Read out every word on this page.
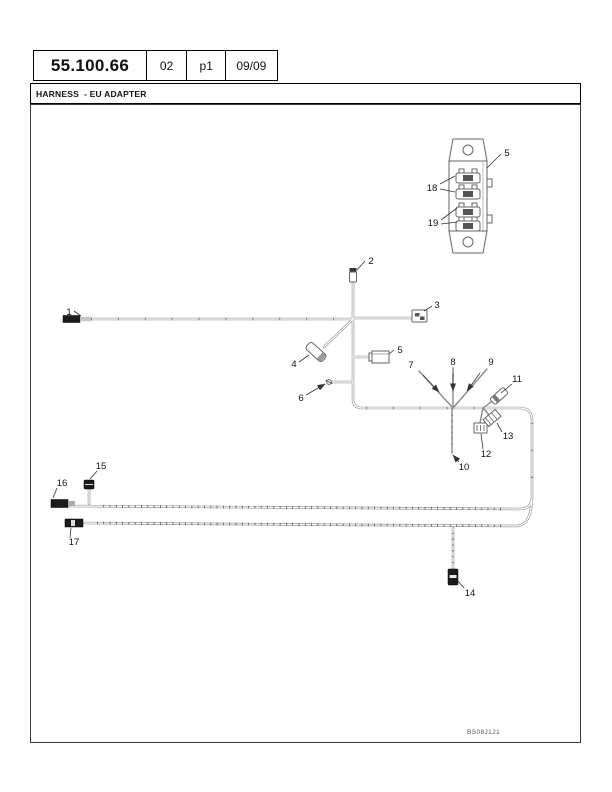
55.100.66	02	p1	09/09
HARNESS  - EU ADAPTER
1
2
3
4
5
6
7	8	9
10
11
12
13
14
15
16
17
18
19
5
BS08J121
